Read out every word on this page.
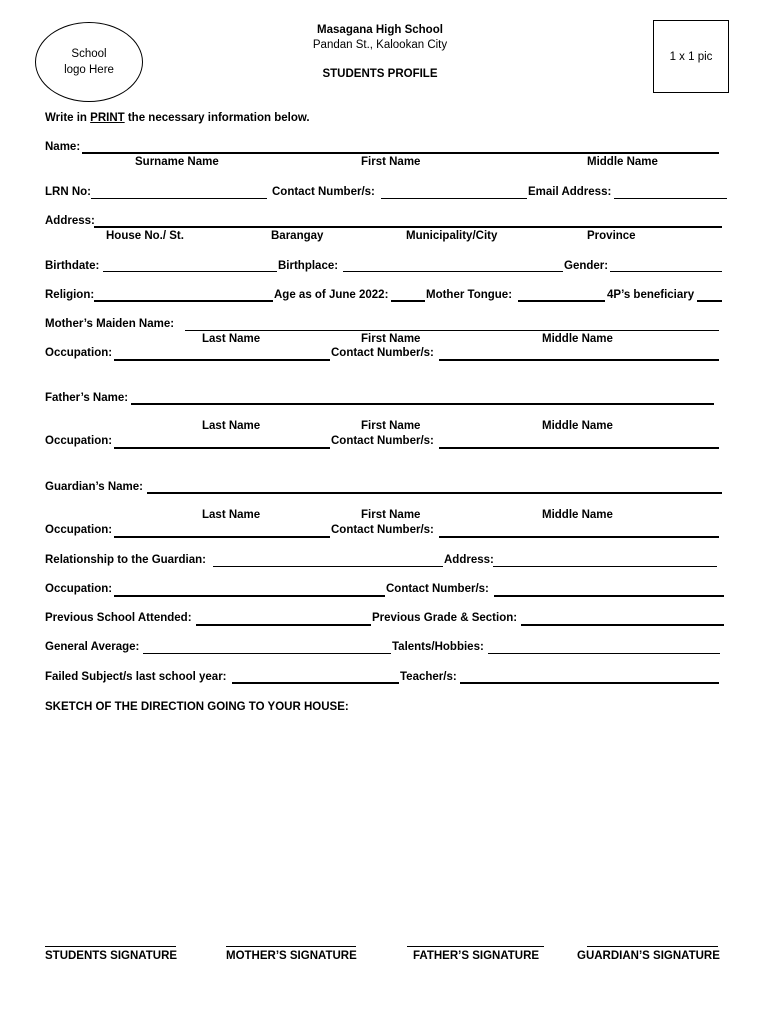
School
logo Here
Masagana High School
Pandan St., Kalookan City
STUDENTS PROFILE
1 x 1 pic
Write in PRINT the necessary information below.
Name:
Surname Name	First Name	Middle Name
LRN No:	Contact Number/s:	Email Address:
Address:
House No./ St.	Barangay	Municipality/City	Province
Birthdate:	Birthplace:	Gender:
Religion:	Age as of June 2022:	Mother Tongue:	4P’s beneficiary
Mother’s Maiden Name:
Last Name	First Name	Middle Name
Occupation:	Contact Number/s:
Father’s Name:
Last Name	First Name	Middle Name
Occupation:	Contact Number/s:
Guardian’s Name:
Last Name	First Name	Middle Name
Occupation:	Contact Number/s:
Relationship to the Guardian:	Address:
Occupation:	Contact Number/s:
Previous School Attended:	Previous Grade & Section:
General Average:	Talents/Hobbies:
Failed Subject/s last school year:	Teacher/s:
SKETCH OF THE DIRECTION GOING TO YOUR HOUSE:
STUDENTS SIGNATURE	MOTHER’S SIGNATURE	FATHER’S SIGNATURE	GUARDIAN’S SIGNATURE
